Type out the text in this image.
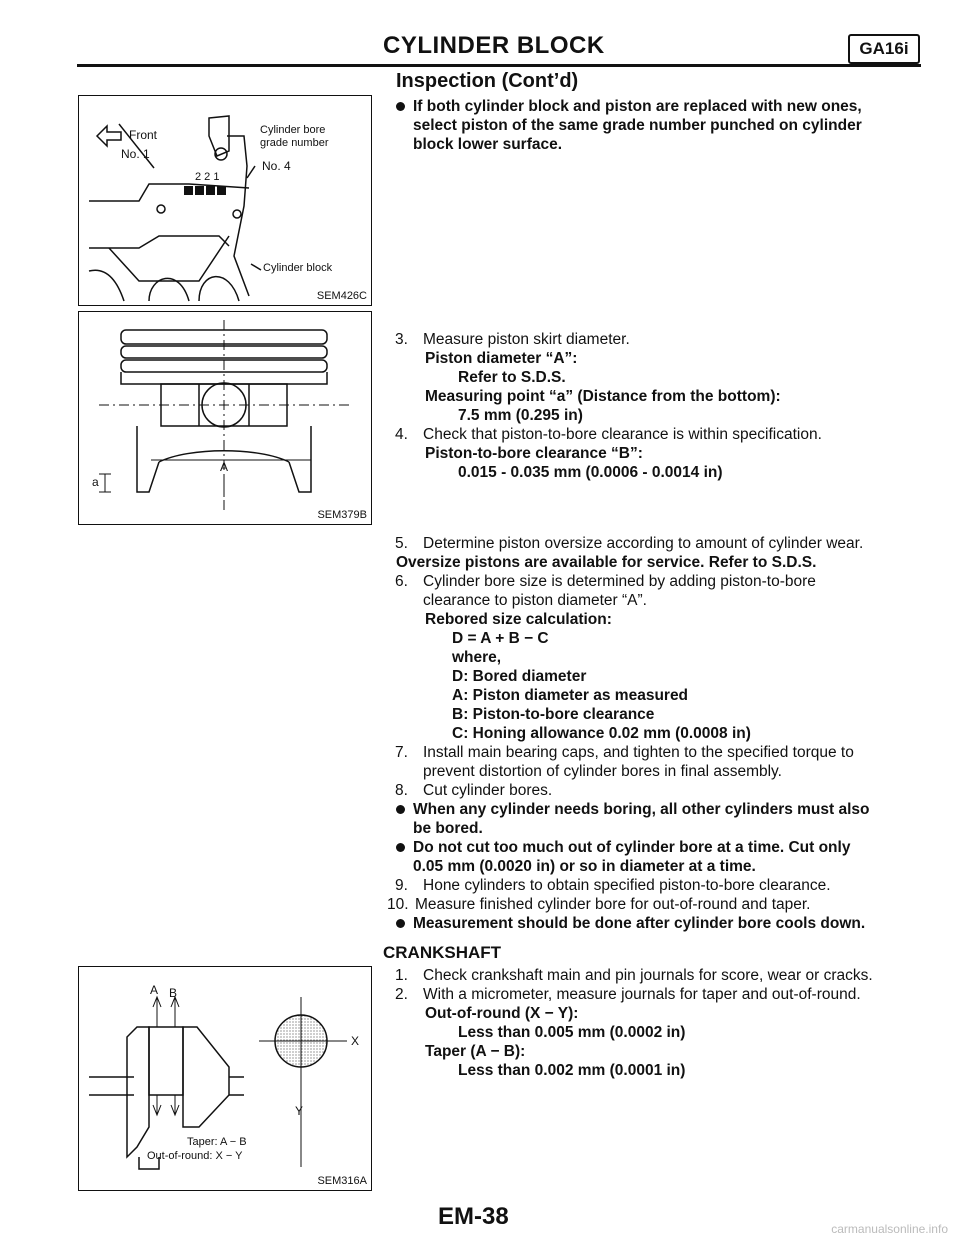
CYLINDER BLOCK	GA16i
Front
No. 1
Cylinder bore
grade number
No. 4
2 2 1
Cylinder block
SEM426C
a
A
SEM379B
A B
X
Y
Taper: A − B
Out-of-round: X − Y
SEM316A
Inspection (Cont’d)

If both cylinder block and piston are replaced with new ones, select piston of the same grade number punched on cylinder block lower surface.

3. Measure piston skirt diameter.

Piston diameter “A”:

Refer to S.D.S.

Measuring point “a” (Distance from the bottom):

7.5 mm (0.295 in)

4. Check that piston-to-bore clearance is within specification.

Piston-to-bore clearance “B”:

0.015 - 0.035 mm (0.0006 - 0.0014 in)

5. Determine piston oversize according to amount of cylinder wear.

Oversize pistons are available for service. Refer to S.D.S.

6. Cylinder bore size is determined by adding piston-to-bore clearance to piston diameter “A”.

Rebored size calculation:

D = A + B − C

where,

D: Bored diameter

A: Piston diameter as measured

B: Piston-to-bore clearance

C: Honing allowance 0.02 mm (0.0008 in)

7. Install main bearing caps, and tighten to the specified torque to prevent distortion of cylinder bores in final assembly.
8. Cut cylinder bores.

When any cylinder needs boring, all other cylinders must also be bored.

Do not cut too much out of cylinder bore at a time. Cut only 0.05 mm (0.0020 in) or so in diameter at a time.

9. Hone cylinders to obtain specified piston-to-bore clearance.
10. Measure finished cylinder bore for out-of-round and taper.

Measurement should be done after cylinder bore cools down.

CRANKSHAFT
1. Check crankshaft main and pin journals for score, wear or cracks.
2. With a micrometer, measure journals for taper and out-of-round.

Out-of-round (X − Y):

Less than 0.005 mm (0.0002 in)

Taper (A − B):

Less than 0.002 mm (0.0001 in)

EM-38	carmanualsonline.info
